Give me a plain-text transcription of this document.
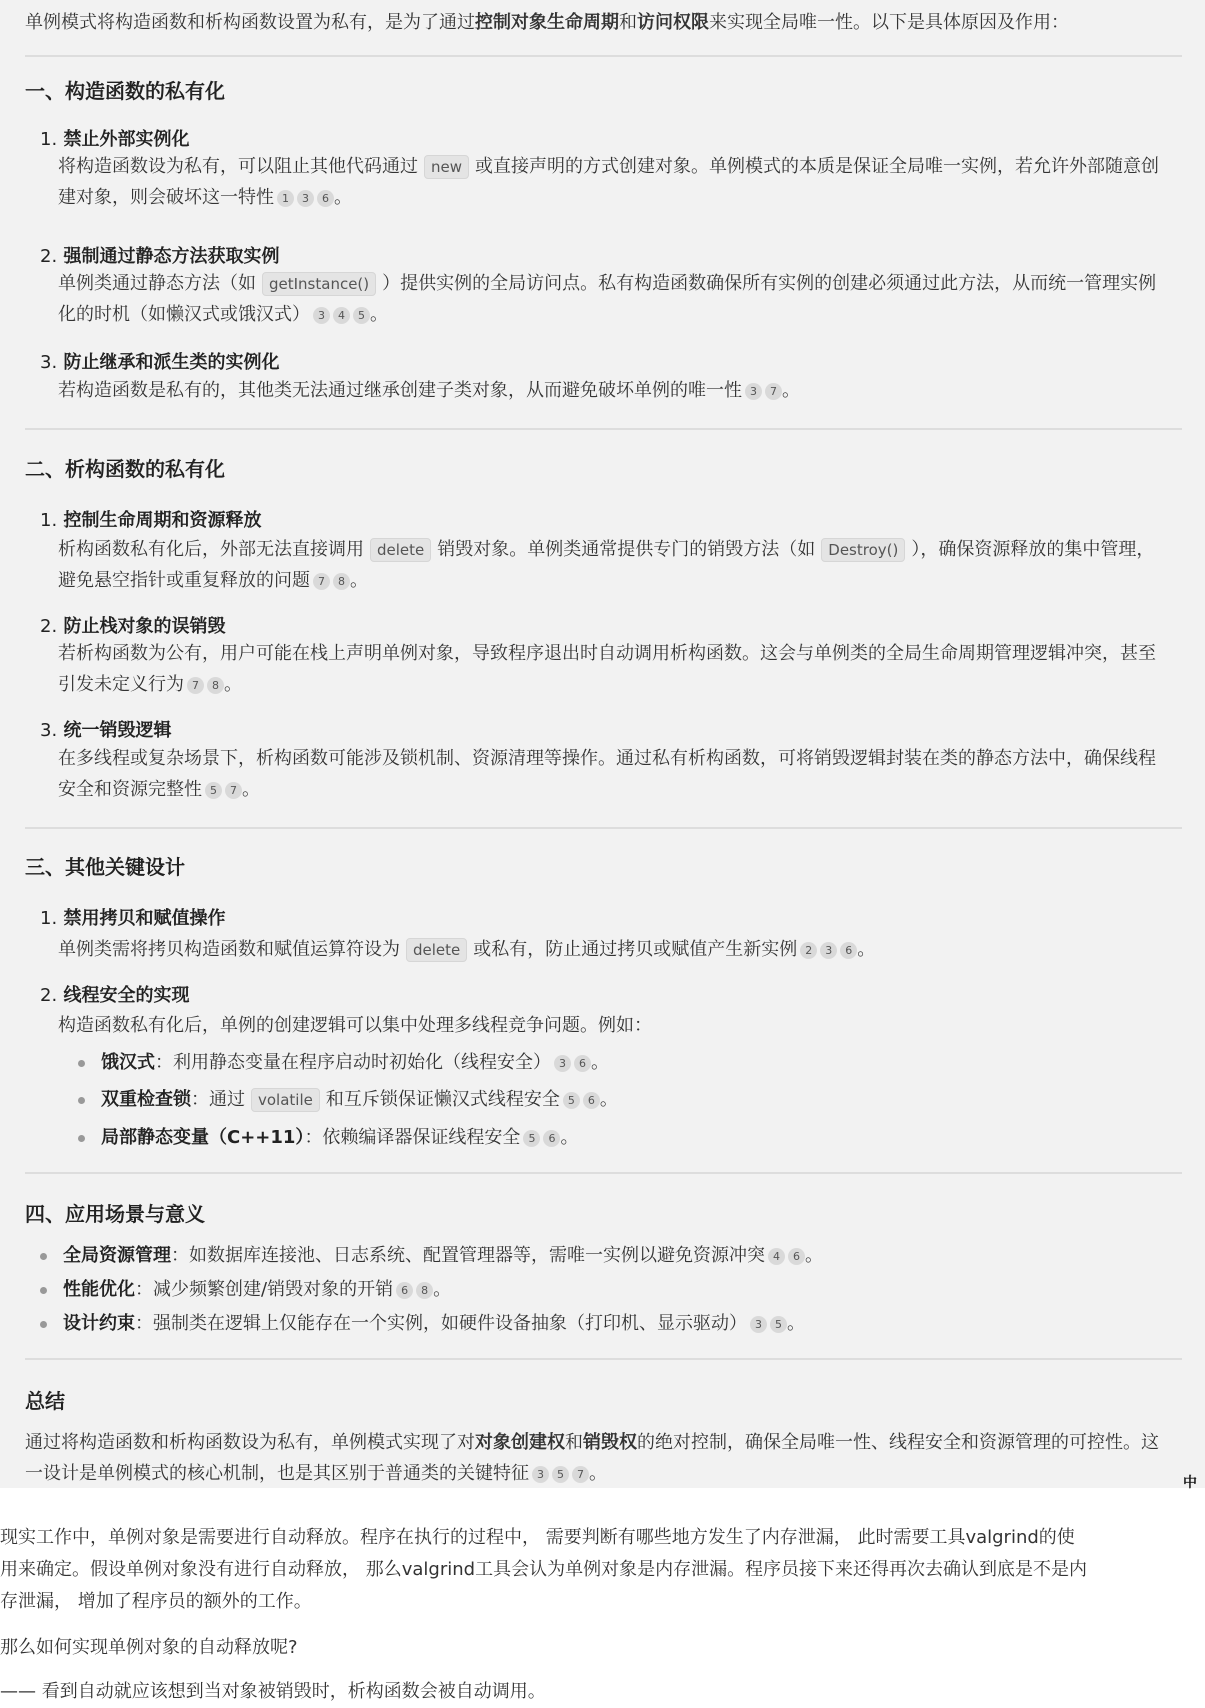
单例模式将构造函数和析构函数设置为私有，是为了通过控制对象生命周期和访问权限来实现全局唯一性。以下是具体原因及作用：
一、构造函数的私有化
1. 禁止外部实例化
将构造函数设为私有，可以阻止其他代码通过 new 或直接声明的方式创建对象。单例模式的本质是保证全局唯一实例，若允许外部随意创
建对象，则会破坏这一特性 1 3 6 。
2. 强制通过静态方法获取实例
单例类通过静态方法（如 getInstance() ）提供实例的全局访问点。私有构造函数确保所有实例的创建必须通过此方法，从而统一管理实例
化的时机（如懒汉式或饿汉式） 3 4 5 。
3. 防止继承和派生类的实例化
若构造函数是私有的，其他类无法通过继承创建子类对象，从而避免破坏单例的唯一性 3 7 。
二、析构函数的私有化
1. 控制生命周期和资源释放
析构函数私有化后，外部无法直接调用 delete 销毁对象。单例类通常提供专门的销毁方法（如 Destroy() ），确保资源释放的集中管理，
避免悬空指针或重复释放的问题 7 8 。
2. 防止栈对象的误销毁
若析构函数为公有，用户可能在栈上声明单例对象，导致程序退出时自动调用析构函数。这会与单例类的全局生命周期管理逻辑冲突，甚至
引发未定义行为 7 8 。
3. 统一销毁逻辑
在多线程或复杂场景下，析构函数可能涉及锁机制、资源清理等操作。通过私有析构函数，可将销毁逻辑封装在类的静态方法中，确保线程
安全和资源完整性 5 7 。
三、其他关键设计
1. 禁用拷贝和赋值操作
单例类需将拷贝构造函数和赋值运算符设为 delete 或私有，防止通过拷贝或赋值产生新实例 2 3 6 。
2. 线程安全的实现
构造函数私有化后，单例的创建逻辑可以集中处理多线程竞争问题。例如：
饿汉式：利用静态变量在程序启动时初始化（线程安全） 3 6 。
双重检查锁：通过 volatile 和互斥锁保证懒汉式线程安全 5 6 。
局部静态变量（C++11）：依赖编译器保证线程安全 5 6 。
四、应用场景与意义
全局资源管理：如数据库连接池、日志系统、配置管理器等，需唯一实例以避免资源冲突 4 6 。
性能优化：减少频繁创建/销毁对象的开销 6 8 。
设计约束：强制类在逻辑上仅能存在一个实例，如硬件设备抽象（打印机、显示驱动） 3 5 。
总结
通过将构造函数和析构函数设为私有，单例模式实现了对对象创建权和销毁权的绝对控制，确保全局唯一性、线程安全和资源管理的可控性。这
一设计是单例模式的核心机制，也是其区别于普通类的关键特征 3 5 7 。	中
现实工作中，单例对象是需要进行自动释放。程序在执行的过程中， 需要判断有哪些地方发生了内存泄漏， 此时需要工具valgrind的使
用来确定。假设单例对象没有进行自动释放， 那么valgrind工具会认为单例对象是内存泄漏。程序员接下来还得再次去确认到底是不是内
存泄漏， 增加了程序员的额外的工作。
那么如何实现单例对象的自动释放呢?
—— 看到自动就应该想到当对象被销毁时，析构函数会被自动调用。
